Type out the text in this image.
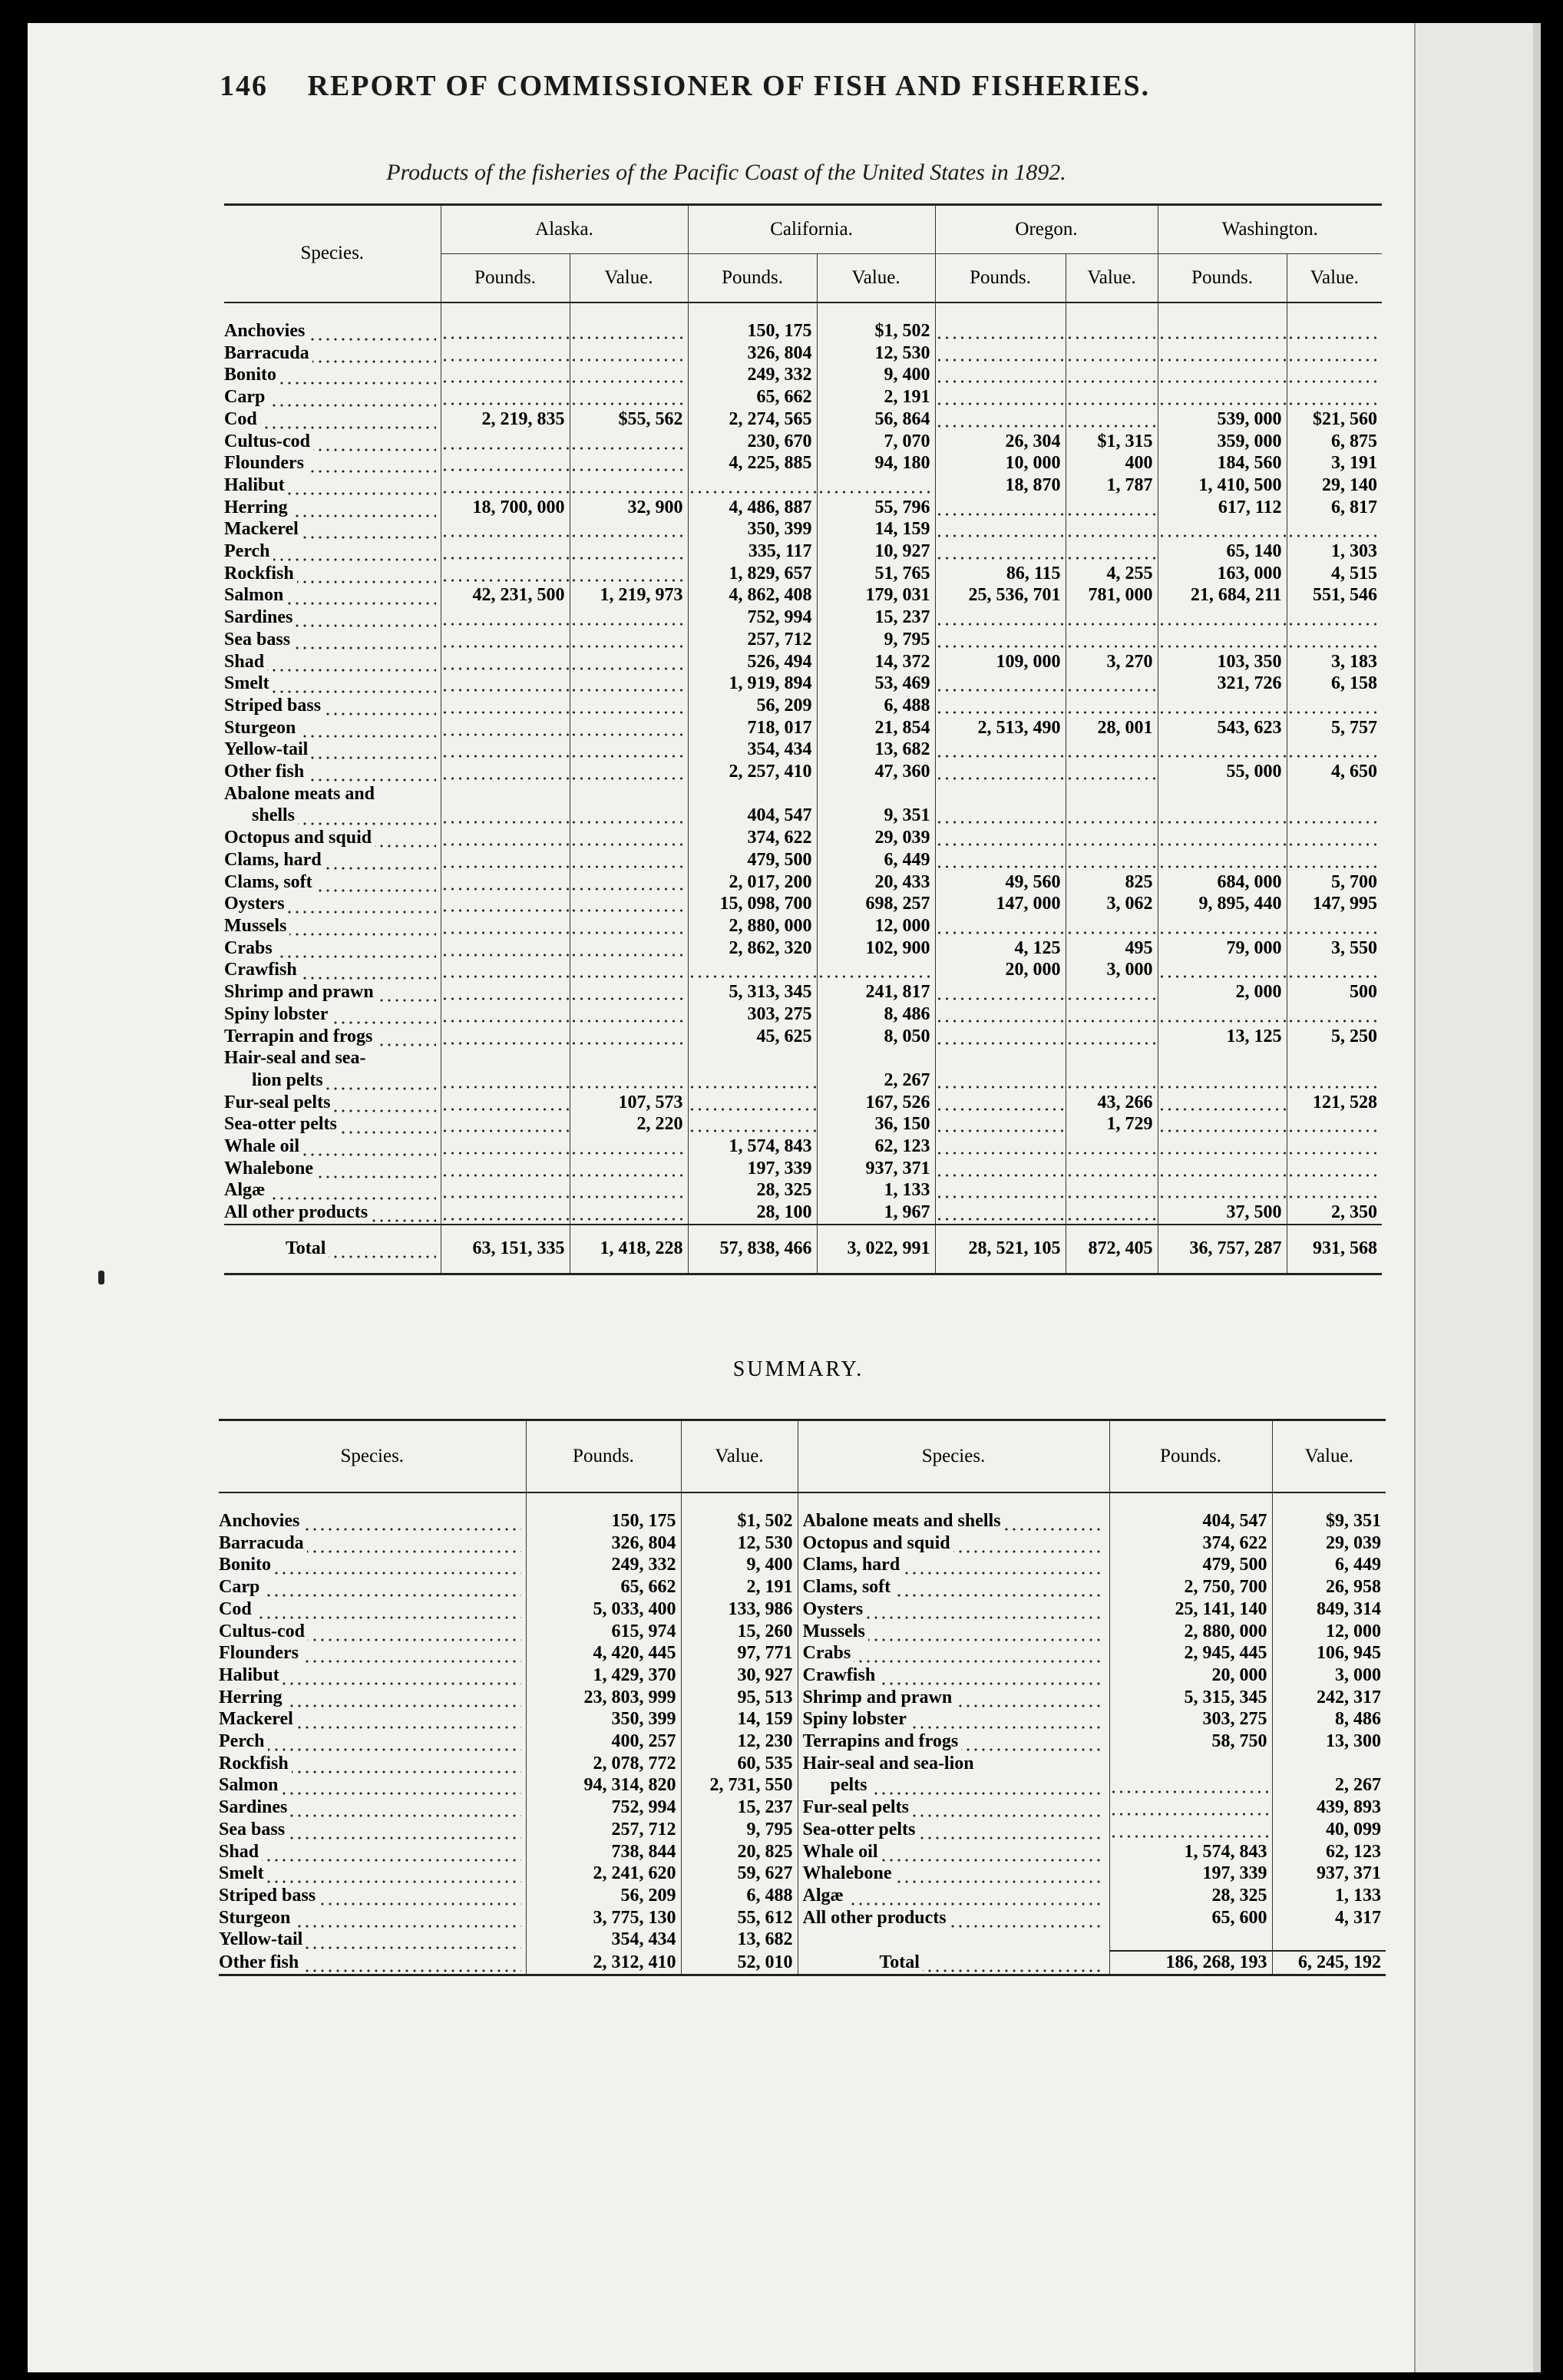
146 REPORT OF COMMISSIONER OF FISH AND FISHERIES.
Products of the fisheries of the Pacific Coast of the United States in 1892.
Species.	Alaska.		California.		Oregon.		Washington.	
	Pounds.	Value.	Pounds.	Value.	Pounds.	Value.	Pounds.	Value.

Anchovies			150, 175	$1, 502				

Barracuda			326, 804	12, 530				

Bonito			249, 332	9, 400				

Carp			65, 662	2, 191				

Cod	2, 219, 835	$55, 562	2, 274, 565	56, 864			539, 000	$21, 560

Cultus-cod			230, 670	7, 070	26, 304	$1, 315	359, 000	6, 875

Flounders			4, 225, 885	94, 180	10, 000	400	184, 560	3, 191

Halibut					18, 870	1, 787	1, 410, 500	29, 140

Herring	18, 700, 000	32, 900	4, 486, 887	55, 796			617, 112	6, 817

Mackerel			350, 399	14, 159				

Perch			335, 117	10, 927			65, 140	1, 303

Rockfish			1, 829, 657	51, 765	86, 115	4, 255	163, 000	4, 515

Salmon	42, 231, 500	1, 219, 973	4, 862, 408	179, 031	25, 536, 701	781, 000	21, 684, 211	551, 546

Sardines			752, 994	15, 237				

Sea bass			257, 712	9, 795				

Shad			526, 494	14, 372	109, 000	3, 270	103, 350	3, 183

Smelt			1, 919, 894	53, 469			321, 726	6, 158

Striped bass			56, 209	6, 488				

Sturgeon			718, 017	21, 854	2, 513, 490	28, 001	543, 623	5, 757

Yellow-tail			354, 434	13, 682				

Other fish			2, 257, 410	47, 360			55, 000	4, 650

Abalone meats and								

shells			404, 547	9, 351				

Octopus and squid			374, 622	29, 039				

Clams, hard			479, 500	6, 449				

Clams, soft			2, 017, 200	20, 433	49, 560	825	684, 000	5, 700

Oysters			15, 098, 700	698, 257	147, 000	3, 062	9, 895, 440	147, 995

Mussels			2, 880, 000	12, 000				

Crabs			2, 862, 320	102, 900	4, 125	495	79, 000	3, 550

Crawfish					20, 000	3, 000		

Shrimp and prawn			5, 313, 345	241, 817			2, 000	500

Spiny lobster			303, 275	8, 486				

Terrapin and frogs			45, 625	8, 050			13, 125	5, 250

Hair-seal and sea-								

lion pelts				2, 267				

Fur-seal pelts		107, 573		167, 526		43, 266		121, 528

Sea-otter pelts		2, 220		36, 150		1, 729		

Whale oil			1, 574, 843	62, 123				

Whalebone			197, 339	937, 371				

Algæ			28, 325	1, 133				

All other products			28, 100	1, 967			37, 500	2, 350

Total	63, 151, 335	1, 418, 228	57, 838, 466	3, 022, 991	28, 521, 105	872, 405	36, 757, 287	931, 568
SUMMARY.
Species.	Pounds.	Value.	Species.	Pounds.	Value.

Anchovies	150, 175	$1, 502	Abalone meats and shells	404, 547	$9, 351

Barracuda	326, 804	12, 530	Octopus and squid	374, 622	29, 039

Bonito	249, 332	9, 400	Clams, hard	479, 500	6, 449

Carp	65, 662	2, 191	Clams, soft	2, 750, 700	26, 958

Cod	5, 033, 400	133, 986	Oysters	25, 141, 140	849, 314

Cultus-cod	615, 974	15, 260	Mussels	2, 880, 000	12, 000

Flounders	4, 420, 445	97, 771	Crabs	2, 945, 445	106, 945

Halibut	1, 429, 370	30, 927	Crawfish	20, 000	3, 000

Herring	23, 803, 999	95, 513	Shrimp and prawn	5, 315, 345	242, 317

Mackerel	350, 399	14, 159	Spiny lobster	303, 275	8, 486

Perch	400, 257	12, 230	Terrapins and frogs	58, 750	13, 300

Rockfish	2, 078, 772	60, 535	Hair-seal and sea-lion		

Salmon	94, 314, 820	2, 731, 550	pelts		2, 267

Sardines	752, 994	15, 237	Fur-seal pelts		439, 893

Sea bass	257, 712	9, 795	Sea-otter pelts		40, 099

Shad	738, 844	20, 825	Whale oil	1, 574, 843	62, 123

Smelt	2, 241, 620	59, 627	Whalebone	197, 339	937, 371

Striped bass	56, 209	6, 488	Algæ	28, 325	1, 133

Sturgeon	3, 775, 130	55, 612	All other products	65, 600	4, 317

Yellow-tail	354, 434	13, 682	

Other fish	2, 312, 410	52, 010	Total	186, 268, 193	6, 245, 192
